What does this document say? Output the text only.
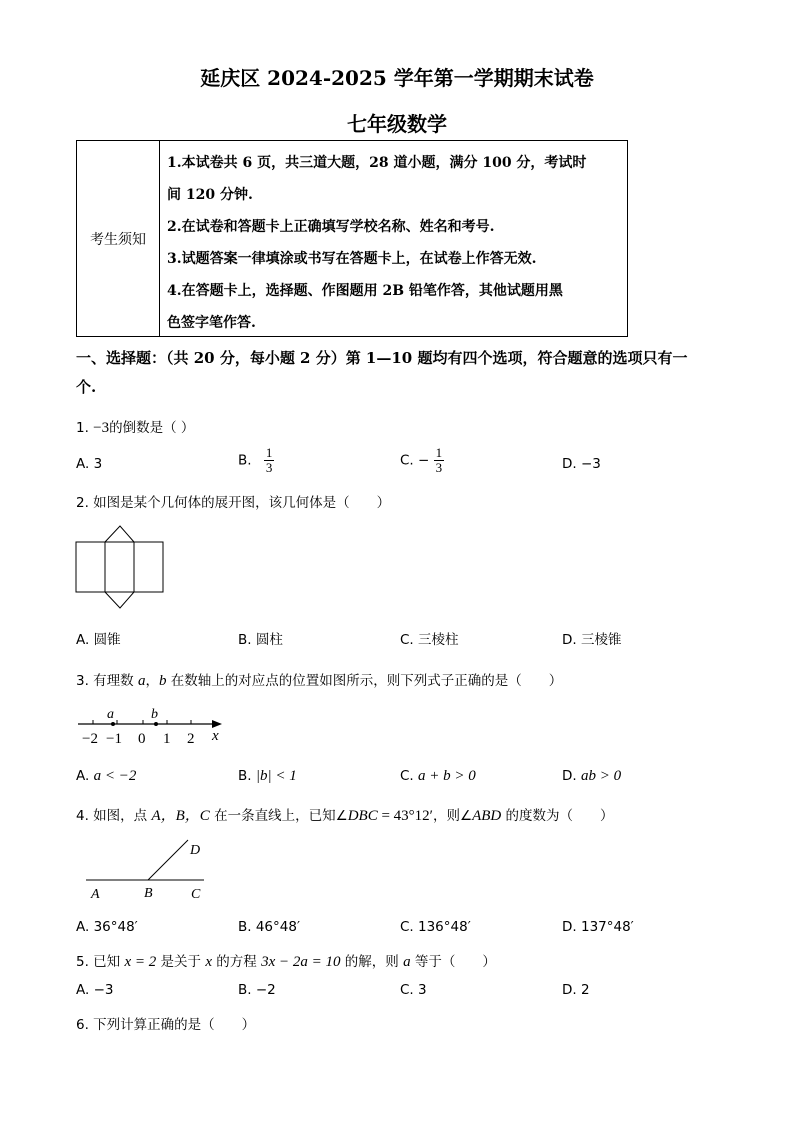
延庆区 2024-2025 学年第一学期期末试卷
七年级数学
考生须知
1.本试卷共 6 页，共三道大题，28 道小题，满分 100 分，考试时
间 120 分钟.
2.在试卷和答题卡上正确填写学校名称、姓名和考号.
3.试题答案一律填涂或书写在答题卡上，在试卷上作答无效.
4.在答题卡上，选择题、作图题用 2B 铅笔作答，其他试题用黑
色签字笔作答.
一、选择题：（共 20 分，每小题 2 分）第 1—10 题均有四个选项，符合题意的选项只有一
个.
1. −3的倒数是（ ）
A. 3	B. $\frac{1}{3}$	C. − $\frac{1}{3}$	D. −3
2. 如图是某个几何体的展开图，该几何体是（　　）
A. 圆锥	B. 圆柱	C. 三棱柱	D. 三棱锥
3. 有理数 a，b 在数轴上的对应点的位置如图所示，则下列式子正确的是（　　）
a	b
−2 −1 0 1 2 x
A. a < −2	B. |b| < 1	C. a + b > 0	D. ab > 0
4. 如图，点 A，B，C 在一条直线上，已知∠DBC = 43°12′，则∠ABD 的度数为（　　）
A	B	C
D
A. 36°48′	B. 46°48′	C. 136°48′	D. 137°48′
5. 已知 x = 2 是关于 x 的方程 3x − 2a = 10 的解，则 a 等于（　　）
A. −3	B. −2	C. 3	D. 2
6. 下列计算正确的是（　　）
